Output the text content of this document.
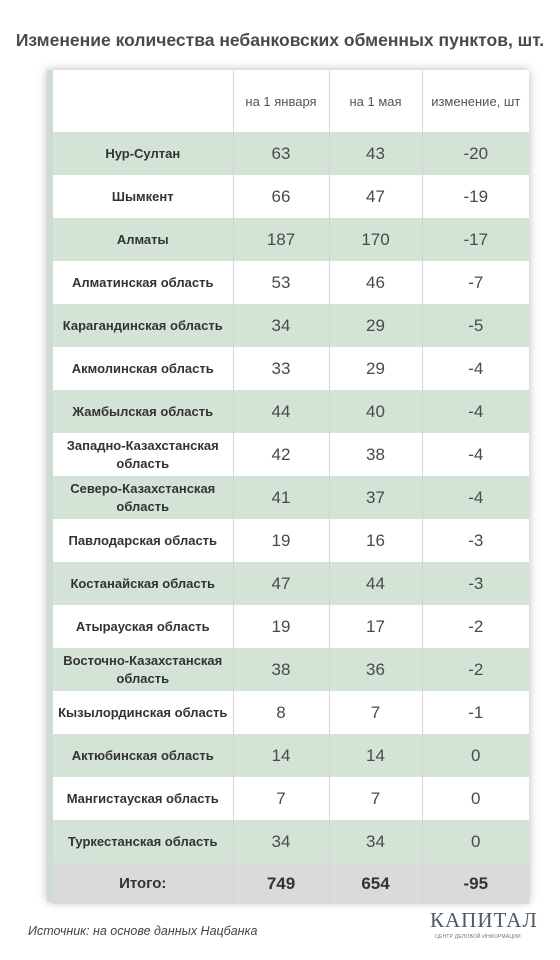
Изменение количества небанковских обменных пунктов, шт.
	на 1 января	на 1 мая	изменение, шт
Нур-Султан	63	43	-20
Шымкент	66	47	-19
Алматы	187	170	-17
Алматинская область	53	46	-7
Карагандинская область	34	29	-5
Акмолинская область	33	29	-4
Жамбылская область	44	40	-4
Западно-Казахстанская область	42	38	-4
Северо-Казахстанская область	41	37	-4
Павлодарская область	19	16	-3
Костанайская область	47	44	-3
Атырауская область	19	17	-2
Восточно-Казахстанская область	38	36	-2
Кызылординская область	8	7	-1
Актюбинская область	14	14	0
Мангистауская область	7	7	0
Туркестанская область	34	34	0
Итого:	749	654	-95
Источник: на основе данных Нацбанка	КАПИТАЛ
ЦЕНТР ДЕЛОВОЙ ИНФОРМАЦИИ
